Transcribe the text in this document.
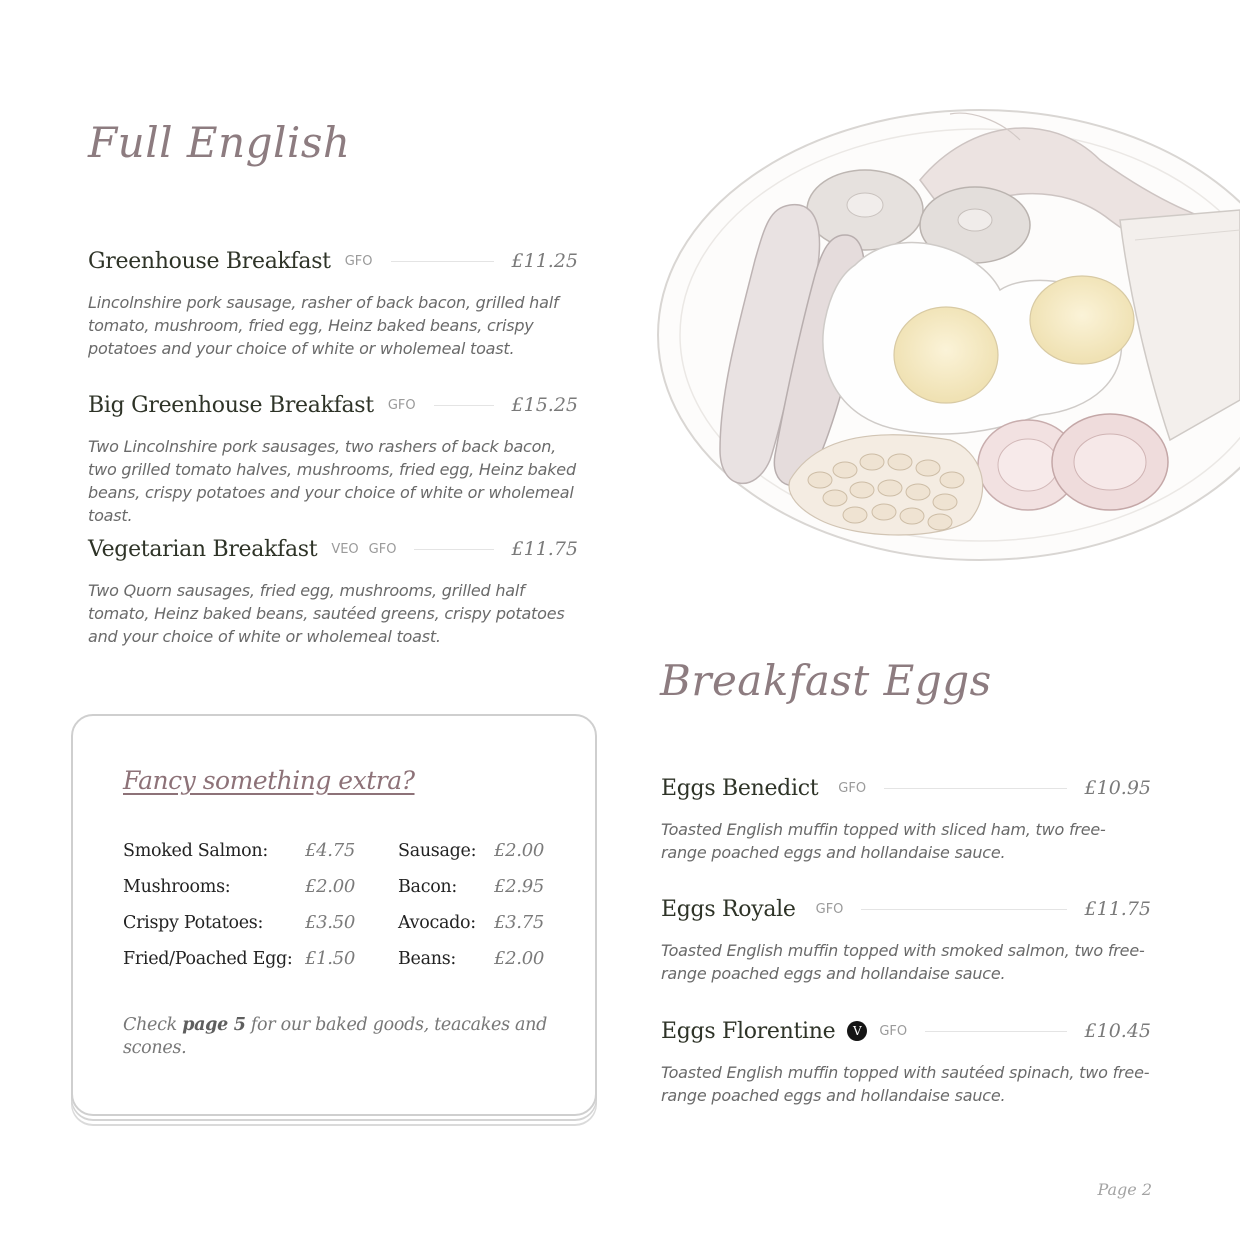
Full English
Greenhouse Breakfast GFO	£11.25

Lincolnshire pork sausage, rasher of back bacon, grilled half tomato, mushroom, fried egg, Heinz baked beans, crispy potatoes and your choice of white or wholemeal toast.

Big Greenhouse Breakfast GFO	£15.25

Two Lincolnshire pork sausages, two rashers of back bacon, two grilled tomato halves, mushrooms, fried egg, Heinz baked beans, crispy potatoes and your choice of white or wholemeal toast.

Vegetarian Breakfast VEO GFO	£11.75

Two Quorn sausages, fried egg, mushrooms, grilled half tomato, Heinz baked beans, sautéed greens, crispy potatoes and your choice of white or wholemeal toast.

Fancy something extra?
Smoked Salmon: £4.75
Mushrooms:	£2.00
Crispy Potatoes: £3.50
Fried/Poached Egg: £1.50
Sausage: £2.00
Bacon: £2.95
Avocado: £3.75
Beans: £2.00

Check page 5 for our baked goods, teacakes and scones.

Breakfast Eggs
Eggs Benedict GFO	£10.95

Toasted English muffin topped with sliced ham, two free-range poached eggs and hollandaise sauce.

Eggs Royale GFO	£11.75

Toasted English muffin topped with smoked salmon, two free-range poached eggs and hollandaise sauce.

Eggs Florentine	V	GFO	£10.45

Toasted English muffin topped with sautéed spinach, two free-range poached eggs and hollandaise sauce.

Page 2
